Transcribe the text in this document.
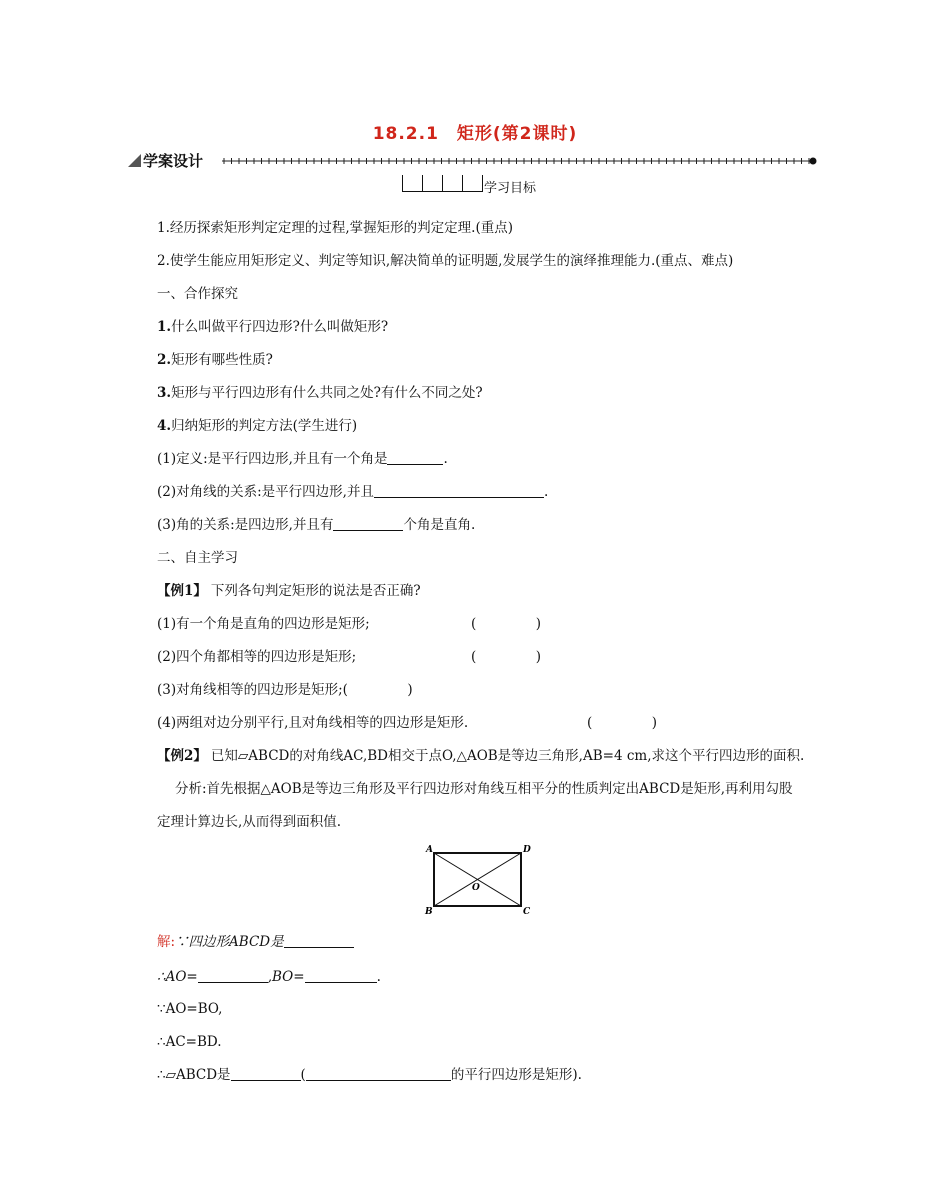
18.2.1　矩形(第2课时)
学案设计
学习目标
1.经历探索矩形判定定理的过程,掌握矩形的判定定理.(重点)
2.使学生能应用矩形定义、判定等知识,解决简单的证明题,发展学生的演绎推理能力.(重点、难点)
一、合作探究
1.什么叫做平行四边形?什么叫做矩形?
2.矩形有哪些性质?
3.矩形与平行四边形有什么共同之处?有什么不同之处?
4.归纳矩形的判定方法(学生进行)
(1)定义:是平行四边形,并且有一个角是	.
(2)对角线的关系:是平行四边形,并且	.
(3)角的关系:是四边形,并且有	个角是直角.
二、自主学习
【例1】 下列各句判定矩形的说法是否正确?
(1)有一个角是直角的四边形是矩形;	(	)
(2)四个角都相等的四边形是矩形;	(	)
(3)对角线相等的四边形是矩形;(	)
(4)两组对边分别平行,且对角线相等的四边形是矩形.	(	)
【例2】 已知▱ABCD的对角线AC,BD相交于点O,△AOB是等边三角形,AB=4 cm,求这个平行四边形的面积.
分析:首先根据△AOB是等边三角形及平行四边形对角线互相平分的性质判定出ABCD是矩形,再利用勾股
定理计算边长,从而得到面积值.
A	D
B	C
O
解:∵四边形ABCD是
∴AO=	,BO=	.
∵AO=BO,
∴AC=BD.
∴▱ABCD是	(	的平行四边形是矩形).
